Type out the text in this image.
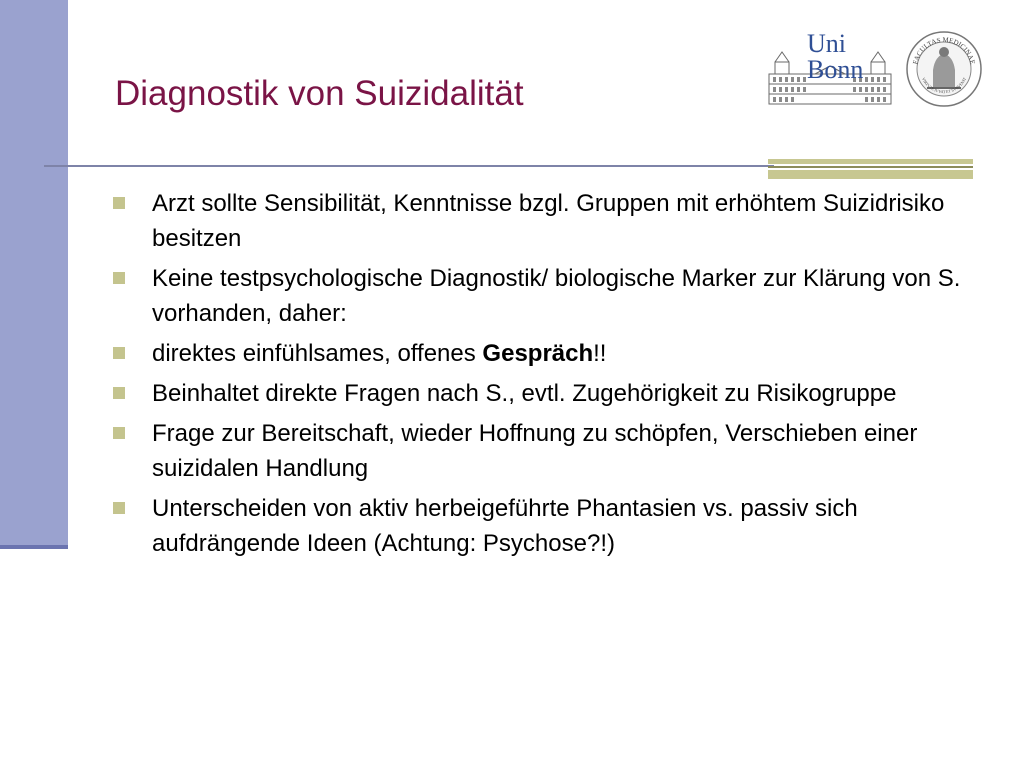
Diagnostik von Suizidalität
Uni
Bonn	FACULTAS MEDICINAE
VIRTVTE IVVAT ET SVBVENIT
Arzt sollte Sensibilität, Kenntnisse bzgl. Gruppen mit erhöhtem Suizidrisiko besitzen
Keine testpsychologische Diagnostik/ biologische Marker zur Klärung von S. vorhanden, daher:
direktes einfühlsames, offenes Gespräch!!
Beinhaltet direkte Fragen nach S., evtl. Zugehörigkeit zu Risikogruppe
Frage zur Bereitschaft, wieder Hoffnung zu schöpfen, Verschieben einer suizidalen Handlung
Unterscheiden von aktiv herbeigeführte Phantasien vs. passiv sich aufdrängende Ideen (Achtung: Psychose?!)
